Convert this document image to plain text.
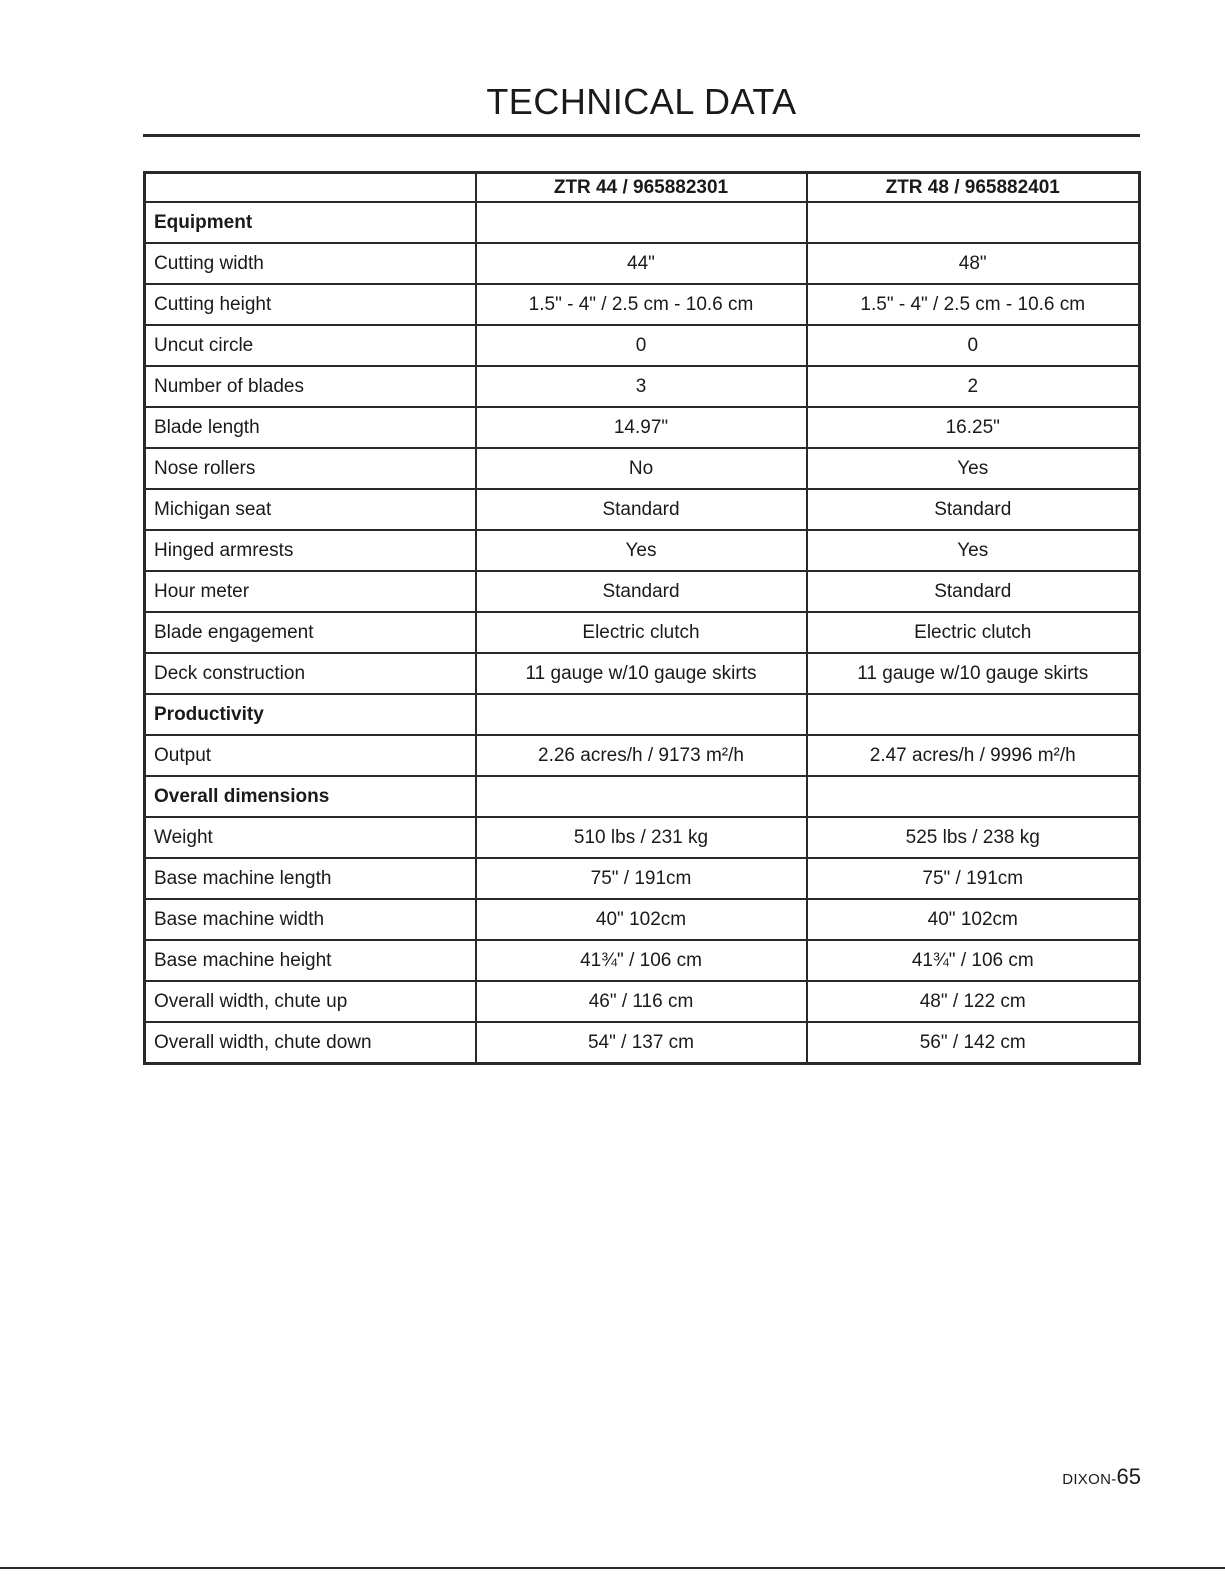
TECHNICAL DATA
	ZTR 44 / 965882301	ZTR 48 / 965882401
Equipment		
Cutting width	44"	48"
Cutting height	1.5" - 4" / 2.5 cm - 10.6 cm	1.5" - 4" / 2.5 cm - 10.6 cm
Uncut circle	0	0
Number of blades	3	2
Blade length	14.97"	16.25"
Nose rollers	No	Yes
Michigan seat	Standard	Standard
Hinged armrests	Yes	Yes
Hour meter	Standard	Standard
Blade engagement	Electric clutch	Electric clutch
Deck construction	11 gauge w/10 gauge skirts	11 gauge w/10 gauge skirts
Productivity		
Output	2.26 acres/h / 9173 m²/h	2.47 acres/h / 9996 m²/h
Overall dimensions		
Weight	510 lbs / 231 kg	525 lbs / 238 kg
Base machine length	75" / 191cm	75" / 191cm
Base machine width	40" 102cm	40" 102cm
Base machine height	41¾" / 106 cm	41¾" / 106 cm
Overall width, chute up	46" / 116 cm	48" / 122 cm
Overall width, chute down	54" / 137 cm	56" / 142 cm
DIXON-65
